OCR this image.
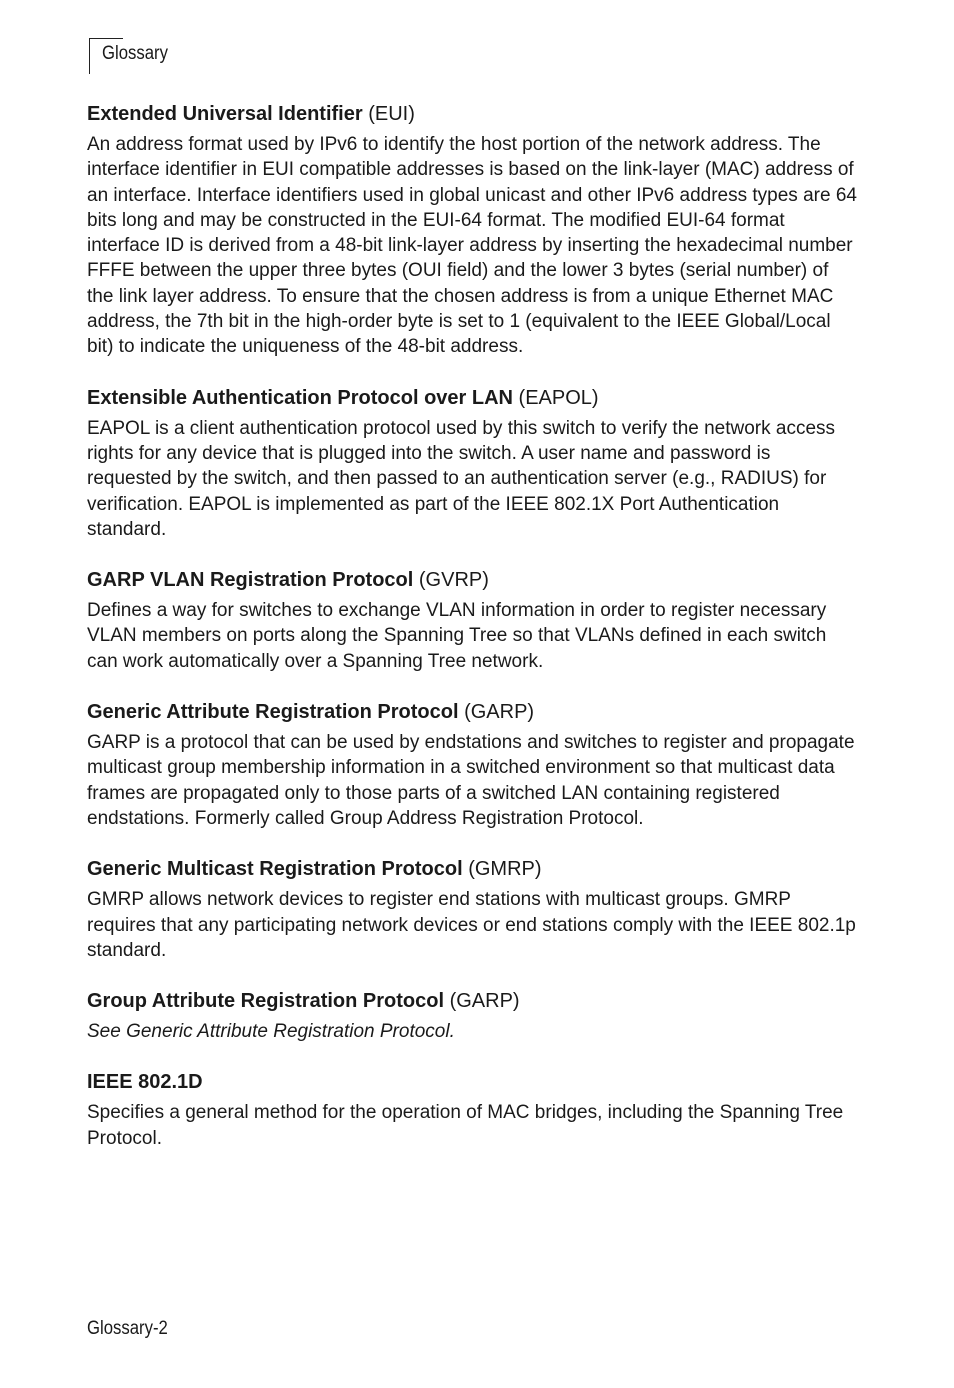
Glossary

Extended Universal Identifier (EUI)

An address format used by IPv6 to identify the host portion of the network address. The interface identifier in EUI compatible addresses is based on the link-layer (MAC) address of an interface. Interface identifiers used in global unicast and other IPv6 address types are 64 bits long and may be constructed in the EUI-64 format. The modified EUI-64 format interface ID is derived from a 48-bit link-layer address by inserting the hexadecimal number FFFE between the upper three bytes (OUI field) and the lower 3 bytes (serial number) of the link layer address. To ensure that the chosen address is from a unique Ethernet MAC address, the 7th bit in the high-order byte is set to 1 (equivalent to the IEEE Global/Local bit) to indicate the uniqueness of the 48-bit address.

Extensible Authentication Protocol over LAN (EAPOL)

EAPOL is a client authentication protocol used by this switch to verify the network access rights for any device that is plugged into the switch. A user name and password is requested by the switch, and then passed to an authentication server (e.g., RADIUS) for verification. EAPOL is implemented as part of the IEEE 802.1X Port Authentication standard.

GARP VLAN Registration Protocol (GVRP)

Defines a way for switches to exchange VLAN information in order to register necessary VLAN members on ports along the Spanning Tree so that VLANs defined in each switch can work automatically over a Spanning Tree network.

Generic Attribute Registration Protocol (GARP)

GARP is a protocol that can be used by endstations and switches to register and propagate multicast group membership information in a switched environment so that multicast data frames are propagated only to those parts of a switched LAN containing registered endstations. Formerly called Group Address Registration Protocol.

Generic Multicast Registration Protocol (GMRP)

GMRP allows network devices to register end stations with multicast groups. GMRP requires that any participating network devices or end stations comply with the IEEE 802.1p standard.

Group Attribute Registration Protocol (GARP)

See Generic Attribute Registration Protocol.

IEEE 802.1D

Specifies a general method for the operation of MAC bridges, including the Spanning Tree Protocol.

Glossary-2
